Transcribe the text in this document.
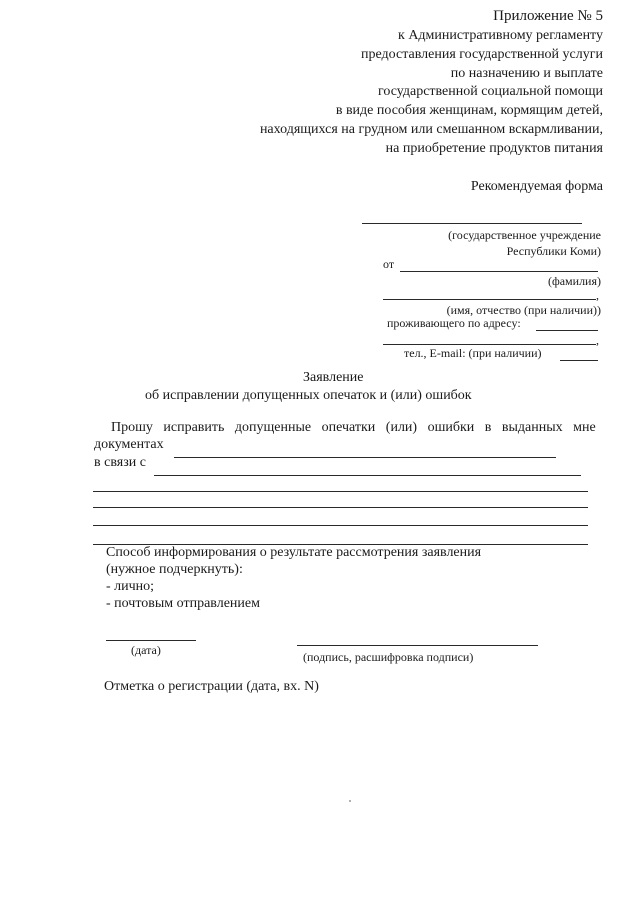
Приложение № 5
к Административному регламенту
предоставления государственной услуги
по назначению и выплате
государственной социальной помощи
в виде пособия женщинам, кормящим детей,
находящихся на грудном или смешанном вскармливании,
на приобретение продуктов питания
Рекомендуемая форма
(государственное учреждение
Республики Коми)
от
(фамилия)
,
(имя, отчество (при наличии))
проживающего по адресу:
,
тел., E-mail: (при наличии)
Заявление
об исправлении допущенных опечаток и (или) ошибок
Прошу   исправить   допущенные   опечатки   (или)   ошибки   в   выданных   мне
документах
в связи с
Способ информирования о результате рассмотрения заявления
(нужное подчеркнуть):
- лично;
- почтовым отправлением
(дата)	(подпись, расшифровка подписи)
Отметка о регистрации (дата, вх. N)
